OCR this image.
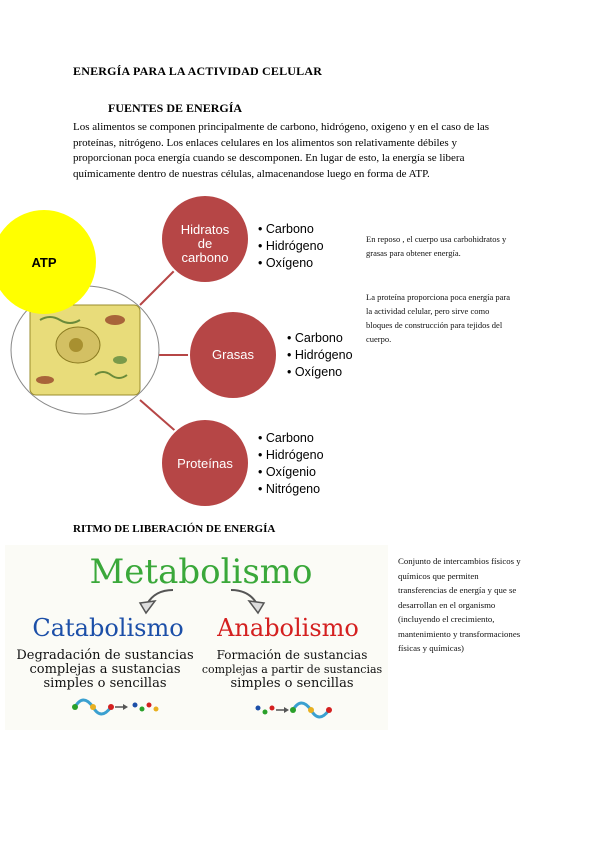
ENERGÍA PARA LA ACTIVIDAD CELULAR
FUENTES DE ENERGÍA

Los alimentos se componen principalmente de carbono, hidrógeno, oxigeno y en el caso de las proteínas, nitrógeno. Los enlaces celulares en los alimentos son relativamente débiles y proporcionan poca energía cuando se descomponen. En lugar de esto, la energía se libera químicamente dentro de nuestras células, almacenandose luego en forma de ATP.

ATP
Hidratos
de
carbono
• Carbono
• Hidrógeno
• Oxígeno
Grasas
• Carbono
• Hidrógeno
• Oxígeno
Proteínas
• Carbono
• Hidrógeno
• Oxígenio
• Nitrógeno
En reposo , el cuerpo usa carbohidratos y grasas para obtener energía.
La proteína proporciona poca energía para la actividad celular, pero sirve como bloques de construcción para tejidos del cuerpo.
RITMO DE LIBERACIÓN DE ENERGÍA
Metabolismo
Catabolismo Anabolismo
Degradación de sustancias
complejas a sustancias
simples o sencillas
Formación de sustancias
complejas a partir de sustancias
simples o sencillas
Conjunto de intercambios físicos y químicos que permiten transferencias de energía y que se desarrollan en el organismo (incluyendo el crecimiento, mantenimiento y transformaciones físicas y químicas)
